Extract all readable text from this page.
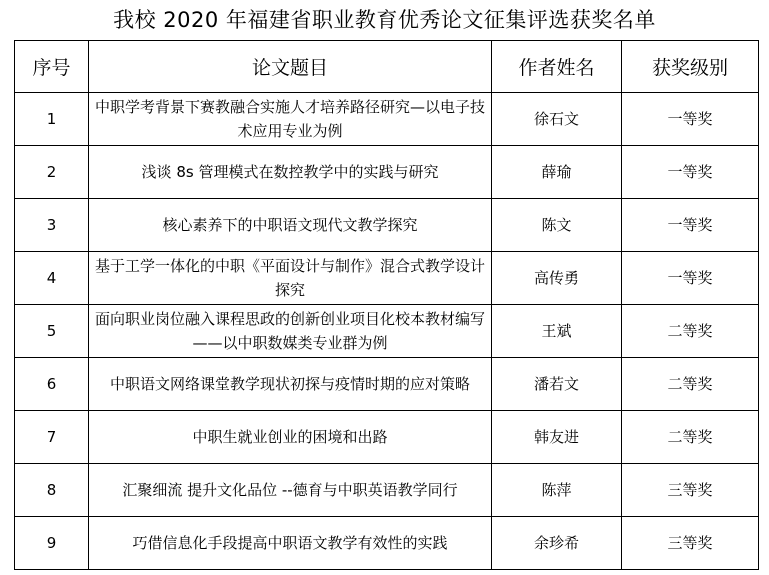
我校 2020 年福建省职业教育优秀论文征集评选获奖名单
序号	论文题目	作者姓名	获奖级别
1	中职学考背景下赛教融合实施人才培养路径研究—以电子技术应用专业为例	徐石文	一等奖
2	浅谈 8s 管理模式在数控教学中的实践与研究	薛瑜	一等奖
3	核心素养下的中职语文现代文教学探究	陈文	一等奖
4	基于工学一体化的中职《平面设计与制作》混合式教学设计探究	高传勇	一等奖
5	面向职业岗位融入课程思政的创新创业项目化校本教材编写——以中职数媒类专业群为例	王斌	二等奖
6	中职语文网络课堂教学现状初探与疫情时期的应对策略	潘若文	二等奖
7	中职生就业创业的困境和出路	韩友进	二等奖
8	汇聚细流 提升文化品位 --德育与中职英语教学同行	陈萍	三等奖
9	巧借信息化手段提高中职语文教学有效性的实践	余珍希	三等奖
